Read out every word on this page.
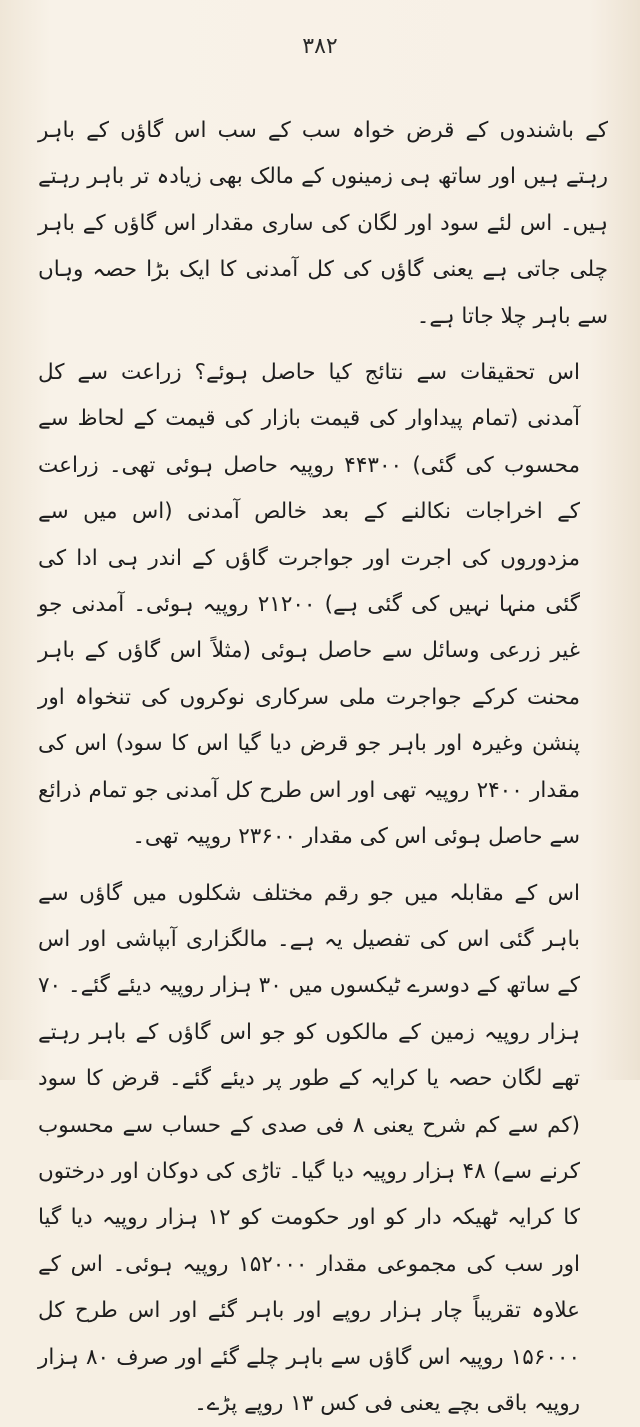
۳۸۲

کے باشندوں کے قرض خواہ سب کے سب اس گاؤں کے باہر رہتے ہیں اور ساتھ ہی زمینوں کے مالک بھی زیادہ تر باہر رہتے ہیں۔ اس لئے سود اور لگان کی ساری مقدار اس گاؤں کے باہر چلی جاتی ہے یعنی گاؤں کی کل آمدنی کا ایک بڑا حصہ وہاں سے باہر چلا جاتا ہے۔

اس تحقیقات سے نتائج کیا حاصل ہوئے؟ زراعت سے کل آمدنی (تمام پیداوار کی قیمت بازار کی قیمت کے لحاظ سے محسوب کی گئی) ۴۴۳۰۰ روپیہ حاصل ہوئی تھی۔ زراعت کے اخراجات نکالنے کے بعد خالص آمدنی (اس میں سے مزدوروں کی اجرت اور جواجرت گاؤں کے اندر ہی ادا کی گئی منہا نہیں کی گئی ہے) ۲۱۲۰۰ روپیہ ہوئی۔ آمدنی جو غیر زرعی وسائل سے حاصل ہوئی (مثلاً اس گاؤں کے باہر محنت کرکے جواجرت ملی سرکاری نوکروں کی تنخواہ اور پنشن وغیرہ اور باہر جو قرض دیا گیا اس کا سود) اس کی مقدار ۲۴۰۰ روپیہ تھی اور اس طرح کل آمدنی جو تمام ذرائع سے حاصل ہوئی اس کی مقدار ۲۳۶۰۰ روپیہ تھی۔

اس کے مقابلہ میں جو رقم مختلف شکلوں میں گاؤں سے باہر گئی اس کی تفصیل یہ ہے۔ مالگزاری آبپاشی اور اس کے ساتھ کے دوسرے ٹیکسوں میں ۳۰ ہزار روپیہ دیئے گئے۔ ۷۰ ہزار روپیہ زمین کے مالکوں کو جو اس گاؤں کے باہر رہتے تھے لگان حصہ یا کرایہ کے طور پر دیئے گئے۔ قرض کا سود (کم سے کم شرح یعنی ۸ فی صدی کے حساب سے محسوب کرنے سے) ۴۸ ہزار روپیہ دیا گیا۔ تاڑی کی دوکان اور درختوں کا کرایہ ٹھیکہ دار کو اور حکومت کو ۱۲ ہزار روپیہ دیا گیا اور سب کی مجموعی مقدار ۱۵۲۰۰۰ روپیہ ہوئی۔ اس کے علاوہ تقریباً چار ہزار روپے اور باہر گئے اور اس طرح کل ۱۵۶۰۰۰ روپیہ اس گاؤں سے باہر چلے گئے اور صرف ۸۰ ہزار روپیہ باقی بچے یعنی فی کس ۱۳ روپے پڑے۔
